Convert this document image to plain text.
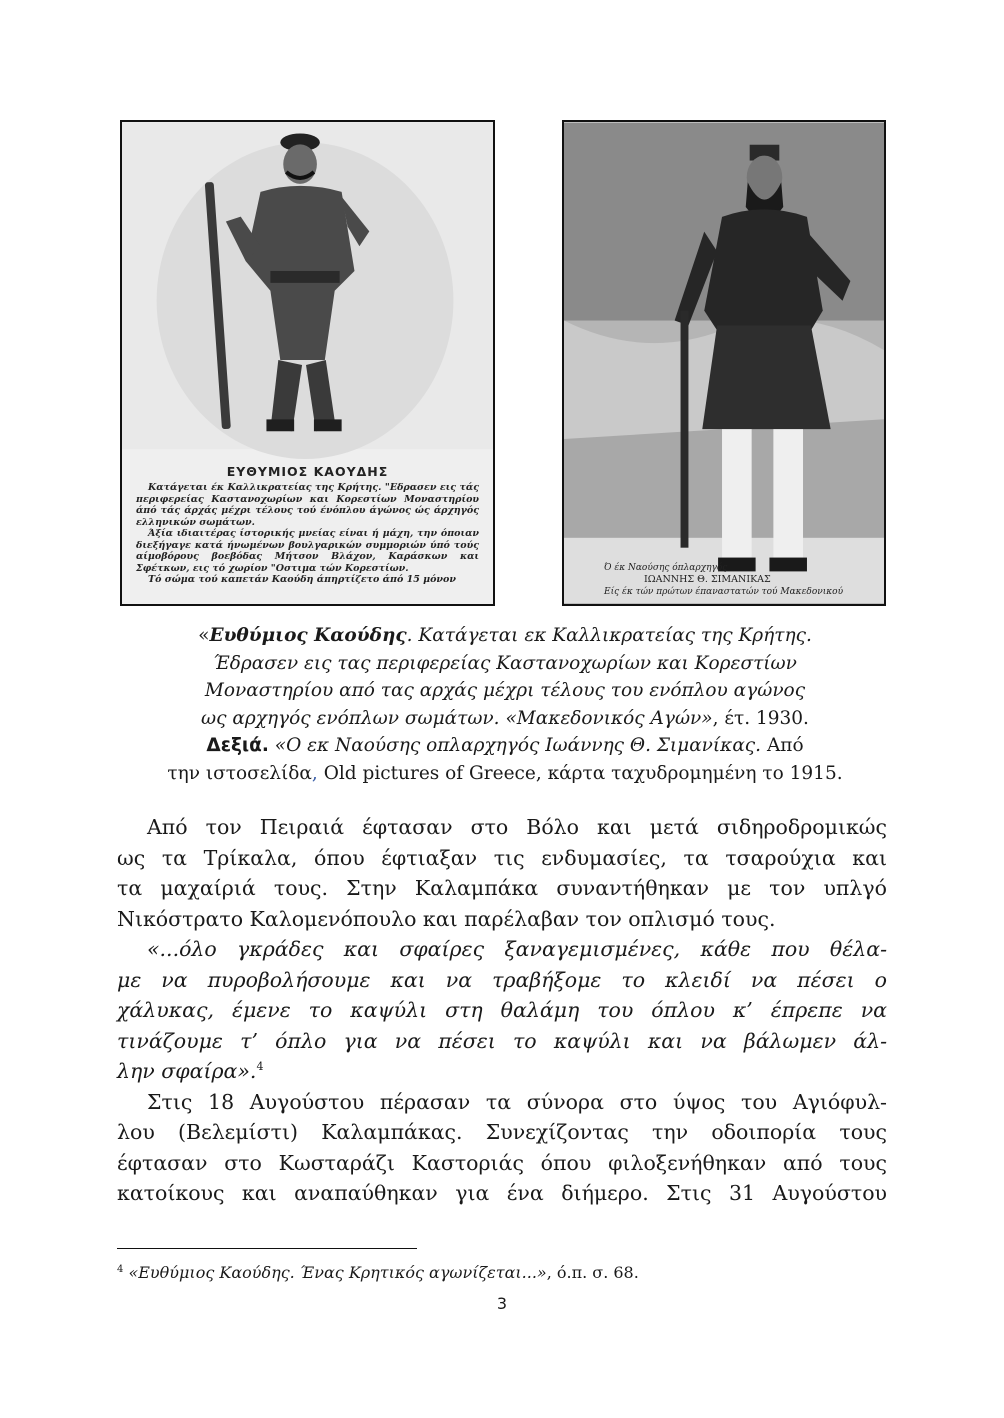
ΕΥΘΥΜΙΟΣ ΚΑΟΥΔΗΣ

Κατάγεται έκ Καλλικρατείας της Κρήτης. "Εδρασεν εις τάς περιφερείας Καστανοχωρίων και Κορεστίων Μοναστηρίου άπό τάς άρχάς μέχρι τέλους τού ένόπλου άγώνος ώς άρχηγός ελληνικών σωμάτων.

Άξία ιδιαιτέρας ίστορικής μνείας είναι ή μάχη, την όποιαν διεξήγαγε κατά ήνωμένων βουλγαρικών συμμοριών ύπό τούς αίμοβόρους βοεβόδας Μήτσον Βλάχον, Καράσκων και Σφέτκων, εις τό χωρίον "Οστιμα τών Κορεστίων.

Τό σώμα τού καπετάν Καούδη άπηρτίζετο άπό 15 μόνον

Ό έκ Ναούσης όπλαρχηγός
ΙΩΑΝΝΗΣ Θ. ΣΙΜΑΝΙΚΑΣ
Είς έκ τών πρώτων έπαναστατών τού Μακεδονικού
«Ευθύμιος Καούδης. Κατάγεται εκ Καλλικρατείας της Κρήτης.
Έδρασεν εις τας περιφερείας Καστανοχωρίων και Κορεστίων
Μοναστηρίου από τας αρχάς μέχρι τέλους του ενόπλου αγώνος
ως αρχηγός ενόπλων σωμάτων. «Μακεδονικός Αγών», έτ. 1930.
Δεξιά. «Ο εκ Ναούσης οπλαρχηγός Ιωάννης Θ. Σιμανίκας. Από
την ιστοσελίδα, Old pictures of Greece, κάρτα ταχυδρομημένη το 1915.
Από τον Πειραιά έφτασαν στο Βόλο και μετά σιδηροδρομικώς
ως τα Τρίκαλα, όπου έφτιαξαν τις ενδυμασίες, τα τσαρούχια και
τα μαχαίριά τους. Στην Καλαμπάκα συναντήθηκαν με τον υπλγό
Νικόστρατο Καλομενόπουλο και παρέλαβαν τον οπλισμό τους.
«...όλο γκράδες και σφαίρες ξαναγεμισμένες, κάθε που θέλα-
με να πυροβολήσουμε και να τραβήξομε το κλειδί να πέσει ο
χάλυκας, έμενε το καψύλι στη θαλάμη του όπλου κ’ έπρεπε να
τινάζουμε τ’ όπλο για να πέσει το καψύλι και να βάλωμεν άλ-
λην σφαίρα».$^4$
Στις 18 Αυγούστου πέρασαν τα σύνορα στο ύψος του Αγιόφυλ-
λου (Βελεμίστι) Καλαμπάκας. Συνεχίζοντας την οδοιπορία τους
έφτασαν στο Κωσταράζι Καστοριάς όπου φιλοξενήθηκαν από τους
κατοίκους και αναπαύθηκαν για ένα διήμερο. Στις 31 Αυγούστου
$^4$ «Ευθύμιος Καούδης. Ένας Κρητικός αγωνίζεται...», ό.π. σ. 68.
3
